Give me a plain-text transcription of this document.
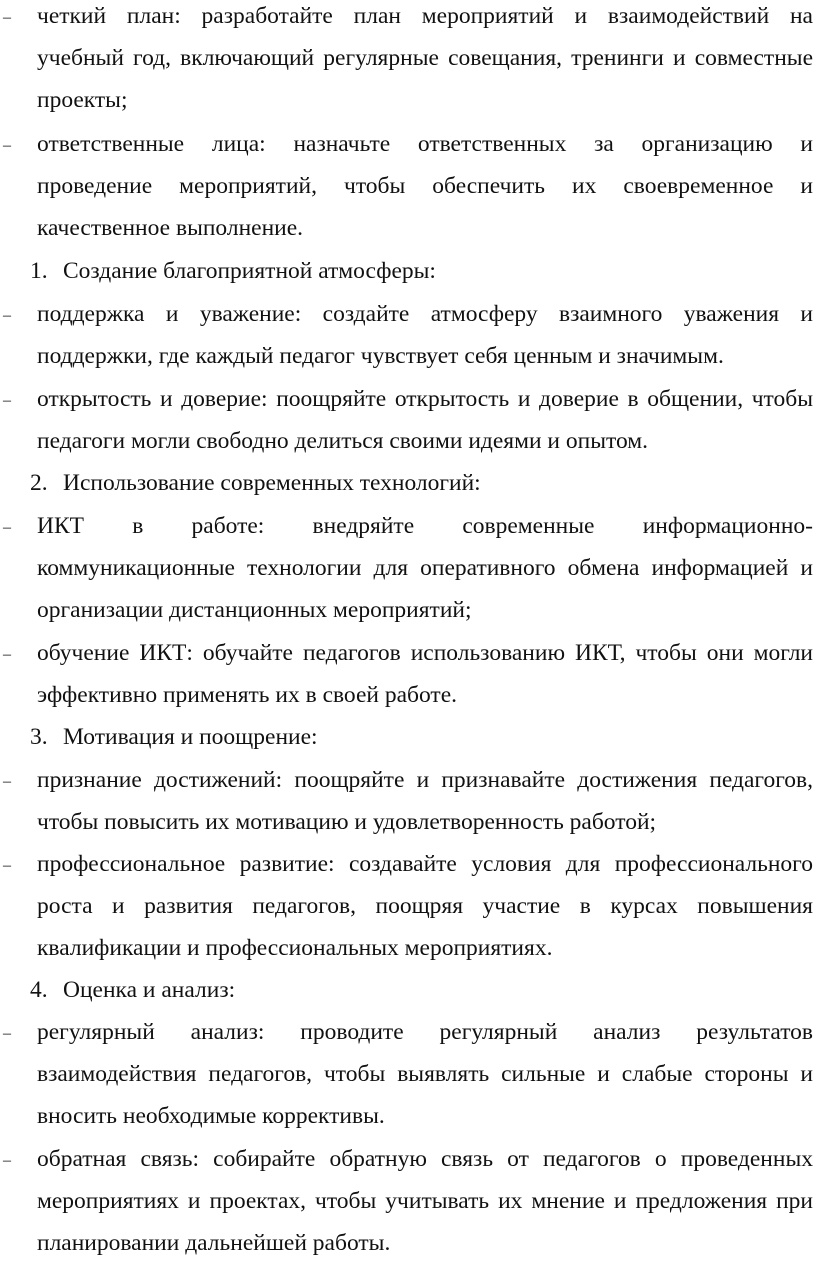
– четкий план: разработайте план мероприятий и взаимодействий на
учебный год, включающий регулярные совещания, тренинги и совместные
проекты;
– ответственные лица: назначьте ответственных за организацию и
проведение мероприятий, чтобы обеспечить их своевременное и
качественное выполнение.
1. Создание благоприятной атмосферы:
– поддержка и уважение: создайте атмосферу взаимного уважения и
поддержки, где каждый педагог чувствует себя ценным и значимым.
– открытость и доверие: поощряйте открытость и доверие в общении, чтобы
педагоги могли свободно делиться своими идеями и опытом.
2. Использование современных технологий:
– ИКТ в работе: внедряйте современные информационно-
коммуникационные технологии для оперативного обмена информацией и
организации дистанционных мероприятий;
– обучение ИКТ: обучайте педагогов использованию ИКТ, чтобы они могли
эффективно применять их в своей работе.
3. Мотивация и поощрение:
– признание достижений: поощряйте и признавайте достижения педагогов,
чтобы повысить их мотивацию и удовлетворенность работой;
– профессиональное развитие: создавайте условия для профессионального
роста и развития педагогов, поощряя участие в курсах повышения
квалификации и профессиональных мероприятиях.
4. Оценка и анализ:
– регулярный анализ: проводите регулярный анализ результатов
взаимодействия педагогов, чтобы выявлять сильные и слабые стороны и
вносить необходимые коррективы.
– обратная связь: собирайте обратную связь от педагогов о проведенных
мероприятиях и проектах, чтобы учитывать их мнение и предложения при
планировании дальнейшей работы.
